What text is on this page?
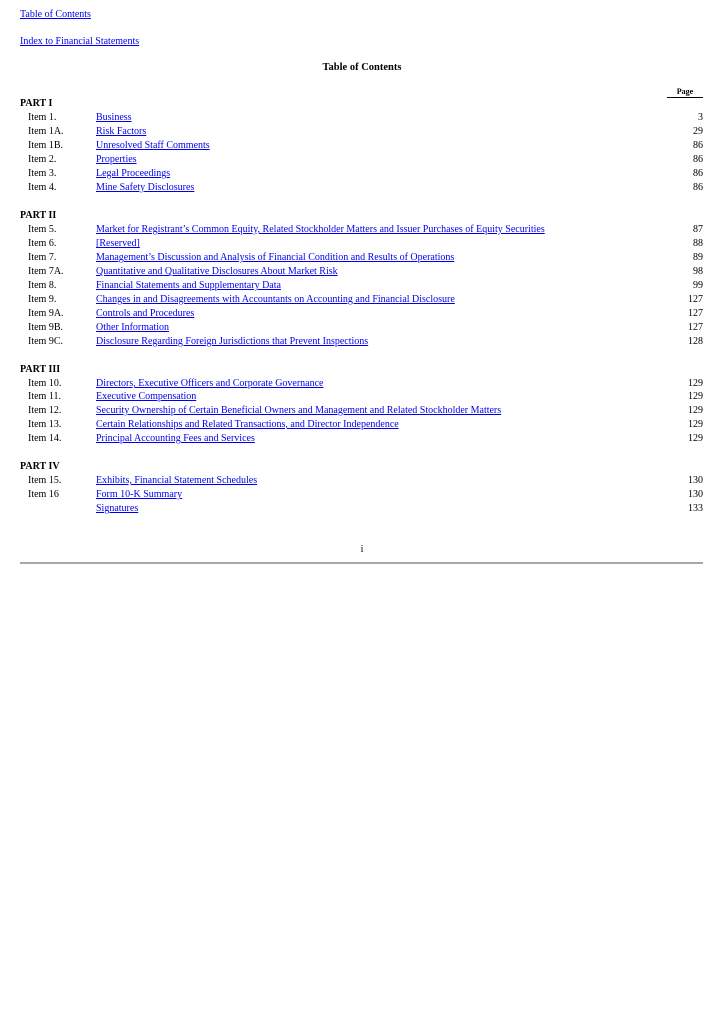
Table of Contents
Index to Financial Statements
Table of Contents
Page
PART I
Item 1.	Business	3
Item 1A.	Risk Factors	29
Item 1B.	Unresolved Staff Comments	86
Item 2.	Properties	86
Item 3.	Legal Proceedings	86
Item 4.	Mine Safety Disclosures	86
PART II
Item 5.	Market for Registrant’s Common Equity, Related Stockholder Matters and Issuer Purchases of Equity Securities	87
Item 6.	[Reserved]	88
Item 7.	Management’s Discussion and Analysis of Financial Condition and Results of Operations	89
Item 7A.	Quantitative and Qualitative Disclosures About Market Risk	98
Item 8.	Financial Statements and Supplementary Data	99
Item 9.	Changes in and Disagreements with Accountants on Accounting and Financial Disclosure	127
Item 9A.	Controls and Procedures	127
Item 9B.	Other Information	127
Item 9C.	Disclosure Regarding Foreign Jurisdictions that Prevent Inspections	128
PART III
Item 10.	Directors, Executive Officers and Corporate Governance	129
Item 11.	Executive Compensation	129
Item 12.	Security Ownership of Certain Beneficial Owners and Management and Related Stockholder Matters	129
Item 13.	Certain Relationships and Related Transactions, and Director Independence	129
Item 14.	Principal Accounting Fees and Services	129
PART IV
Item 15.	Exhibits, Financial Statement Schedules	130
Item 16	Form 10-K Summary	130
Signatures	133
i
